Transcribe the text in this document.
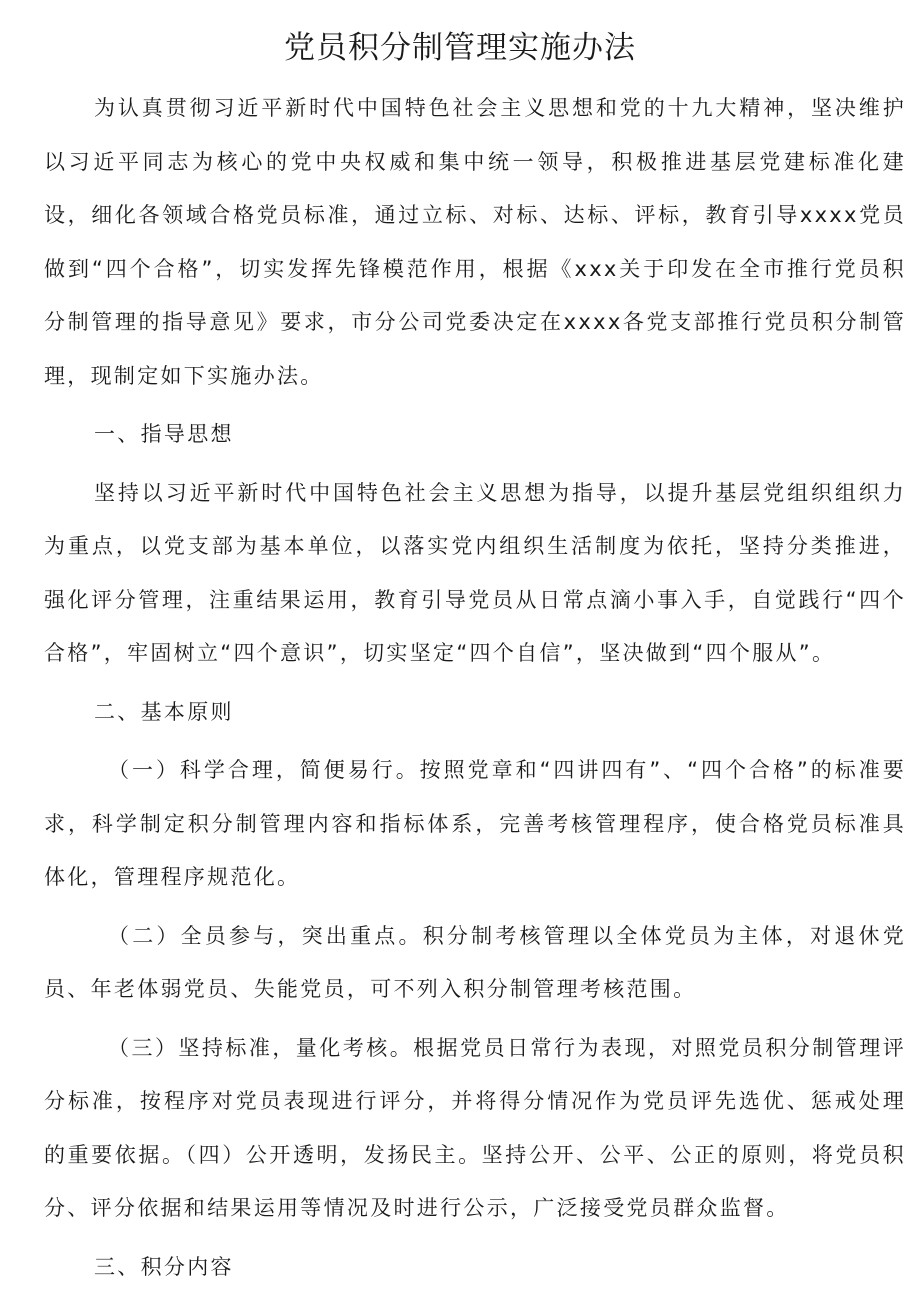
党员积分制管理实施办法

为认真贯彻习近平新时代中国特色社会主义思想和党的十九大精神，坚决维护以习近平同志为核心的党中央权威和集中统一领导，积极推进基层党建标准化建设，细化各领域合格党员标准，通过立标、对标、达标、评标，教育引导xxxx党员做到“四个合格”，切实发挥先锋模范作用，根据《xxx关于印发在全市推行党员积分制管理的指导意见》要求，市分公司党委决定在xxxx各党支部推行党员积分制管理，现制定如下实施办法。

一、指导思想

坚持以习近平新时代中国特色社会主义思想为指导，以提升基层党组织组织力为重点，以党支部为基本单位，以落实党内组织生活制度为依托，坚持分类推进，强化评分管理，注重结果运用，教育引导党员从日常点滴小事入手，自觉践行“四个合格”，牢固树立“四个意识”，切实坚定“四个自信”，坚决做到“四个服从”。

二、基本原则

（一）科学合理，简便易行。按照党章和“四讲四有”、“四个合格”的标准要求，科学制定积分制管理内容和指标体系，完善考核管理程序，使合格党员标准具体化，管理程序规范化。

（二）全员参与，突出重点。积分制考核管理以全体党员为主体，对退休党员、年老体弱党员、失能党员，可不列入积分制管理考核范围。

（三）坚持标准，量化考核。根据党员日常行为表现，对照党员积分制管理评分标准，按程序对党员表现进行评分，并将得分情况作为党员评先选优、惩戒处理的重要依据。（四）公开透明，发扬民主。坚持公开、公平、公正的原则，将党员积分、评分依据和结果运用等情况及时进行公示，广泛接受党员群众监督。

三、积分内容
